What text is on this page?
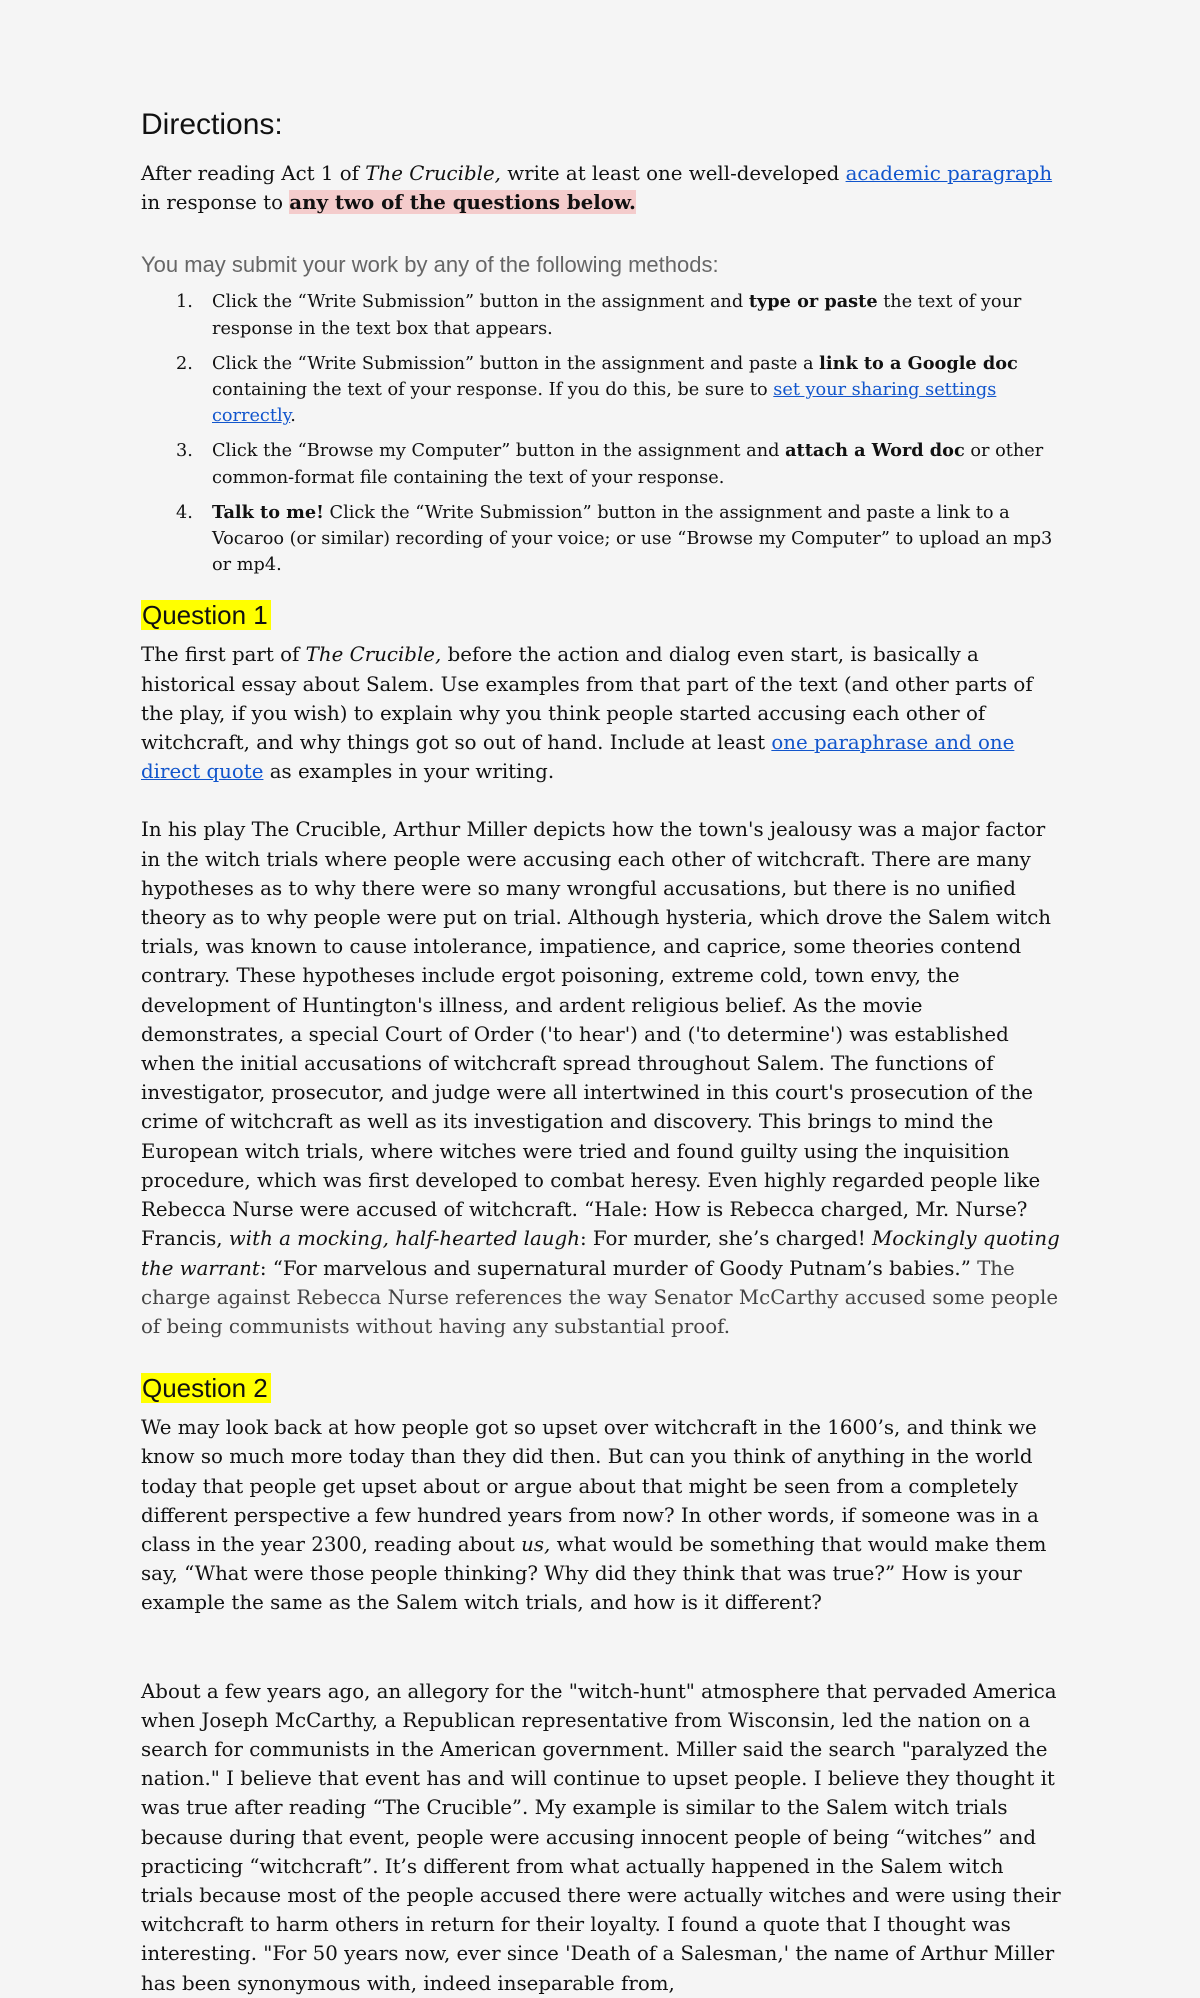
Directions:

After reading Act 1 of The Crucible, write at least one well-developed academic paragraph in response to any two of the questions below.

You may submit your work by any of the following methods:
1. Click the “Write Submission” button in the assignment and type or paste the text of your response in the text box that appears.
2. Click the “Write Submission” button in the assignment and paste a link to a Google doc containing the text of your response. If you do this, be sure to set your sharing settings correctly.
3. Click the “Browse my Computer” button in the assignment and attach a Word doc or other common-format file containing the text of your response.
4. Talk to me! Click the “Write Submission” button in the assignment and paste a link to a Vocaroo (or similar) recording of your voice; or use “Browse my Computer” to upload an mp3 or mp4.
Question 1

The first part of The Crucible, before the action and dialog even start, is basically a historical essay about Salem. Use examples from that part of the text (and other parts of the play, if you wish) to explain why you think people started accusing each other of witchcraft, and why things got so out of hand. Include at least one paraphrase and one direct quote as examples in your writing.

In his play The Crucible, Arthur Miller depicts how the town's jealousy was a major factor in the witch trials where people were accusing each other of witchcraft. There are many hypotheses as to why there were so many wrongful accusations, but there is no unified theory as to why people were put on trial. Although hysteria, which drove the Salem witch trials, was known to cause intolerance, impatience, and caprice, some theories contend contrary. These hypotheses include ergot poisoning, extreme cold, town envy, the development of Huntington's illness, and ardent religious belief. As the movie demonstrates, a special Court of Order ('to hear') and ('to determine') was established when the initial accusations of witchcraft spread throughout Salem. The functions of investigator, prosecutor, and judge were all intertwined in this court's prosecution of the crime of witchcraft as well as its investigation and discovery. This brings to mind the European witch trials, where witches were tried and found guilty using the inquisition procedure, which was first developed to combat heresy. Even highly regarded people like Rebecca Nurse were accused of witchcraft. “Hale: How is Rebecca charged, Mr. Nurse?Francis, with a mocking, half-hearted laugh: For murder, she’s charged! Mockingly quoting the warrant: “For marvelous and supernatural murder of Goody Putnam’s babies.” The charge against Rebecca Nurse references the way Senator McCarthy accused some people of being communists without having any substantial proof.

Question 2

We may look back at how people got so upset over witchcraft in the 1600’s, and think we know so much more today than they did then. But can you think of anything in the world today that people get upset about or argue about that might be seen from a completely different perspective a few hundred years from now? In other words, if someone was in a class in the year 2300, reading about us, what would be something that would make them say, “What were those people thinking? Why did they think that was true?” How is your example the same as the Salem witch trials, and how is it different?

About a few years ago, an allegory for the "witch-hunt" atmosphere that pervaded America when Joseph McCarthy, a Republican representative from Wisconsin, led the nation on a search for communists in the American government. Miller said the search "paralyzed the nation." I believe that event has and will continue to upset people. I believe they thought it was true after reading “The Crucible”. My example is similar to the Salem witch trials because during that event, people were accusing innocent people of being “witches” and practicing “witchcraft”. It’s different from what actually happened in the Salem witch trials because most of the people accused there were actually witches and were using their witchcraft to harm others in return for their loyalty. I found a quote that I thought was interesting. "For 50 years now, ever since 'Death of a Salesman,' the name of Arthur Miller has been synonymous with, indeed inseparable from,
